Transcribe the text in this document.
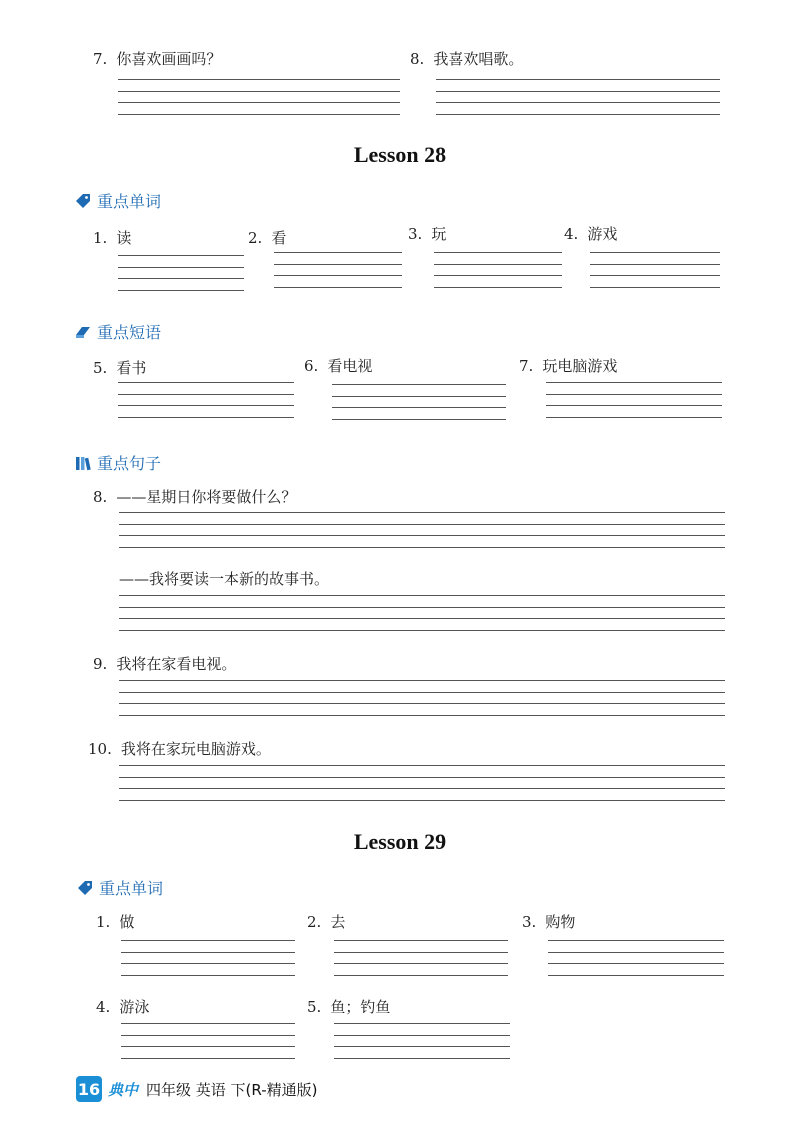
7. 你喜欢画画吗？	8. 我喜欢唱歌。
Lesson 28
重点单词
1. 读	2. 看	3. 玩	4. 游戏
重点短语
5. 看书	6. 看电视	7. 玩电脑游戏
重点句子
8. ——星期日你将要做什么？
——我将要读一本新的故事书。
9. 我将在家看电视。
10. 我将在家玩电脑游戏。
Lesson 29
重点单词
1. 做	2. 去	3. 购物
4. 游泳	5. 鱼；钓鱼
16 典中 四年级 英语 下(R-精通版)
